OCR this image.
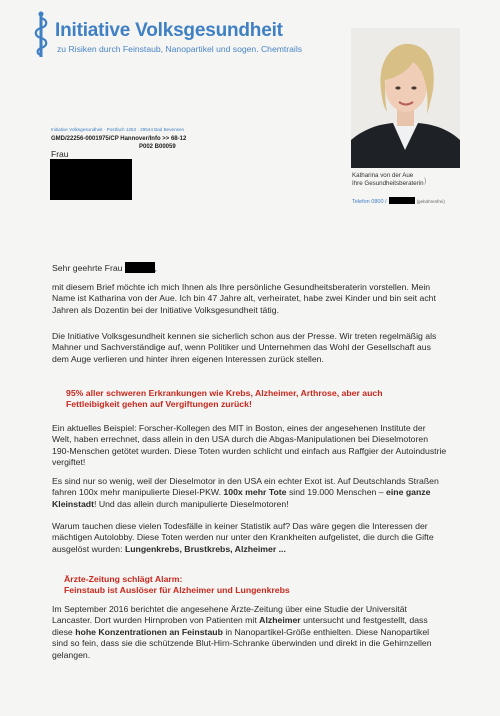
Initiative Volksgesundheit
zu Risiken durch Feinstaub, Nanopartikel und sogen. Chemtrails
Katharina von der Aue
Ihre Gesundheitsberaterin )
Telefon 0800 /	(gebührenfrei)
Initiative Volksgesundheit · Postfach 1253 · 29544 Bad Bevensen
GMD/22256-0001975/CP Hannover/Info >> 68-12
P002 B00059
Frau
Sehr geehrte Frau	,
mit diesem Brief möchte ich mich Ihnen als Ihre persönliche Gesundheitsberaterin vorstellen. Mein Name ist Katharina von der Aue. Ich bin 47 Jahre alt, verheiratet, habe zwei Kinder und bin seit acht Jahren als Dozentin bei der Initiative Volksgesundheit tätig.
Die Initiative Volksgesundheit kennen sie sicherlich schon aus der Presse. Wir treten regelmäßig als Mahner und Sachverständige auf, wenn Politiker und Unternehmen das Wohl der Gesellschaft aus dem Auge verlieren und hinter ihren eigenen Interessen zurück stellen.
95% aller schweren Erkrankungen wie Krebs, Alzheimer, Arthrose, aber auch Fettleibigkeit gehen auf Vergiftungen zurück!
Ein aktuelles Beispiel: Forscher-Kollegen des MIT in Boston, eines der angesehenen Institute der Welt, haben errechnet, dass allein in den USA durch die Abgas-Manipulationen bei Dieselmotoren 190-Menschen getötet wurden. Diese Toten wurden schlicht und einfach aus Raffgier der Autoindustrie vergiftet!
Es sind nur so wenig, weil der Dieselmotor in den USA ein echter Exot ist. Auf Deutschlands Straßen fahren 100x mehr manipulierte Diesel-PKW. 100x mehr Tote sind 19.000 Menschen – eine ganze Kleinstadt! Und das allein durch manipulierte Dieselmotoren!
Warum tauchen diese vielen Todesfälle in keiner Statistik auf? Das wäre gegen die Interessen der mächtigen Autolobby. Diese Toten werden nur unter den Krankheiten aufgelistet, die durch die Gifte ausgelöst wurden: Lungenkrebs, Brustkrebs, Alzheimer ...
Ärzte-Zeitung schlägt Alarm:
Feinstaub ist Auslöser für Alzheimer und Lungenkrebs
Im September 2016 berichtet die angesehene Ärzte-Zeitung über eine Studie der Universität Lancaster. Dort wurden Hirnproben von Patienten mit Alzheimer untersucht und festgestellt, dass diese hohe Konzentrationen an Feinstaub in Nanopartikel-Größe enthielten. Diese Nanopartikel sind so fein, dass sie die schützende Blut-Hirn-Schranke überwinden und direkt in die Gehirnzellen gelangen.
